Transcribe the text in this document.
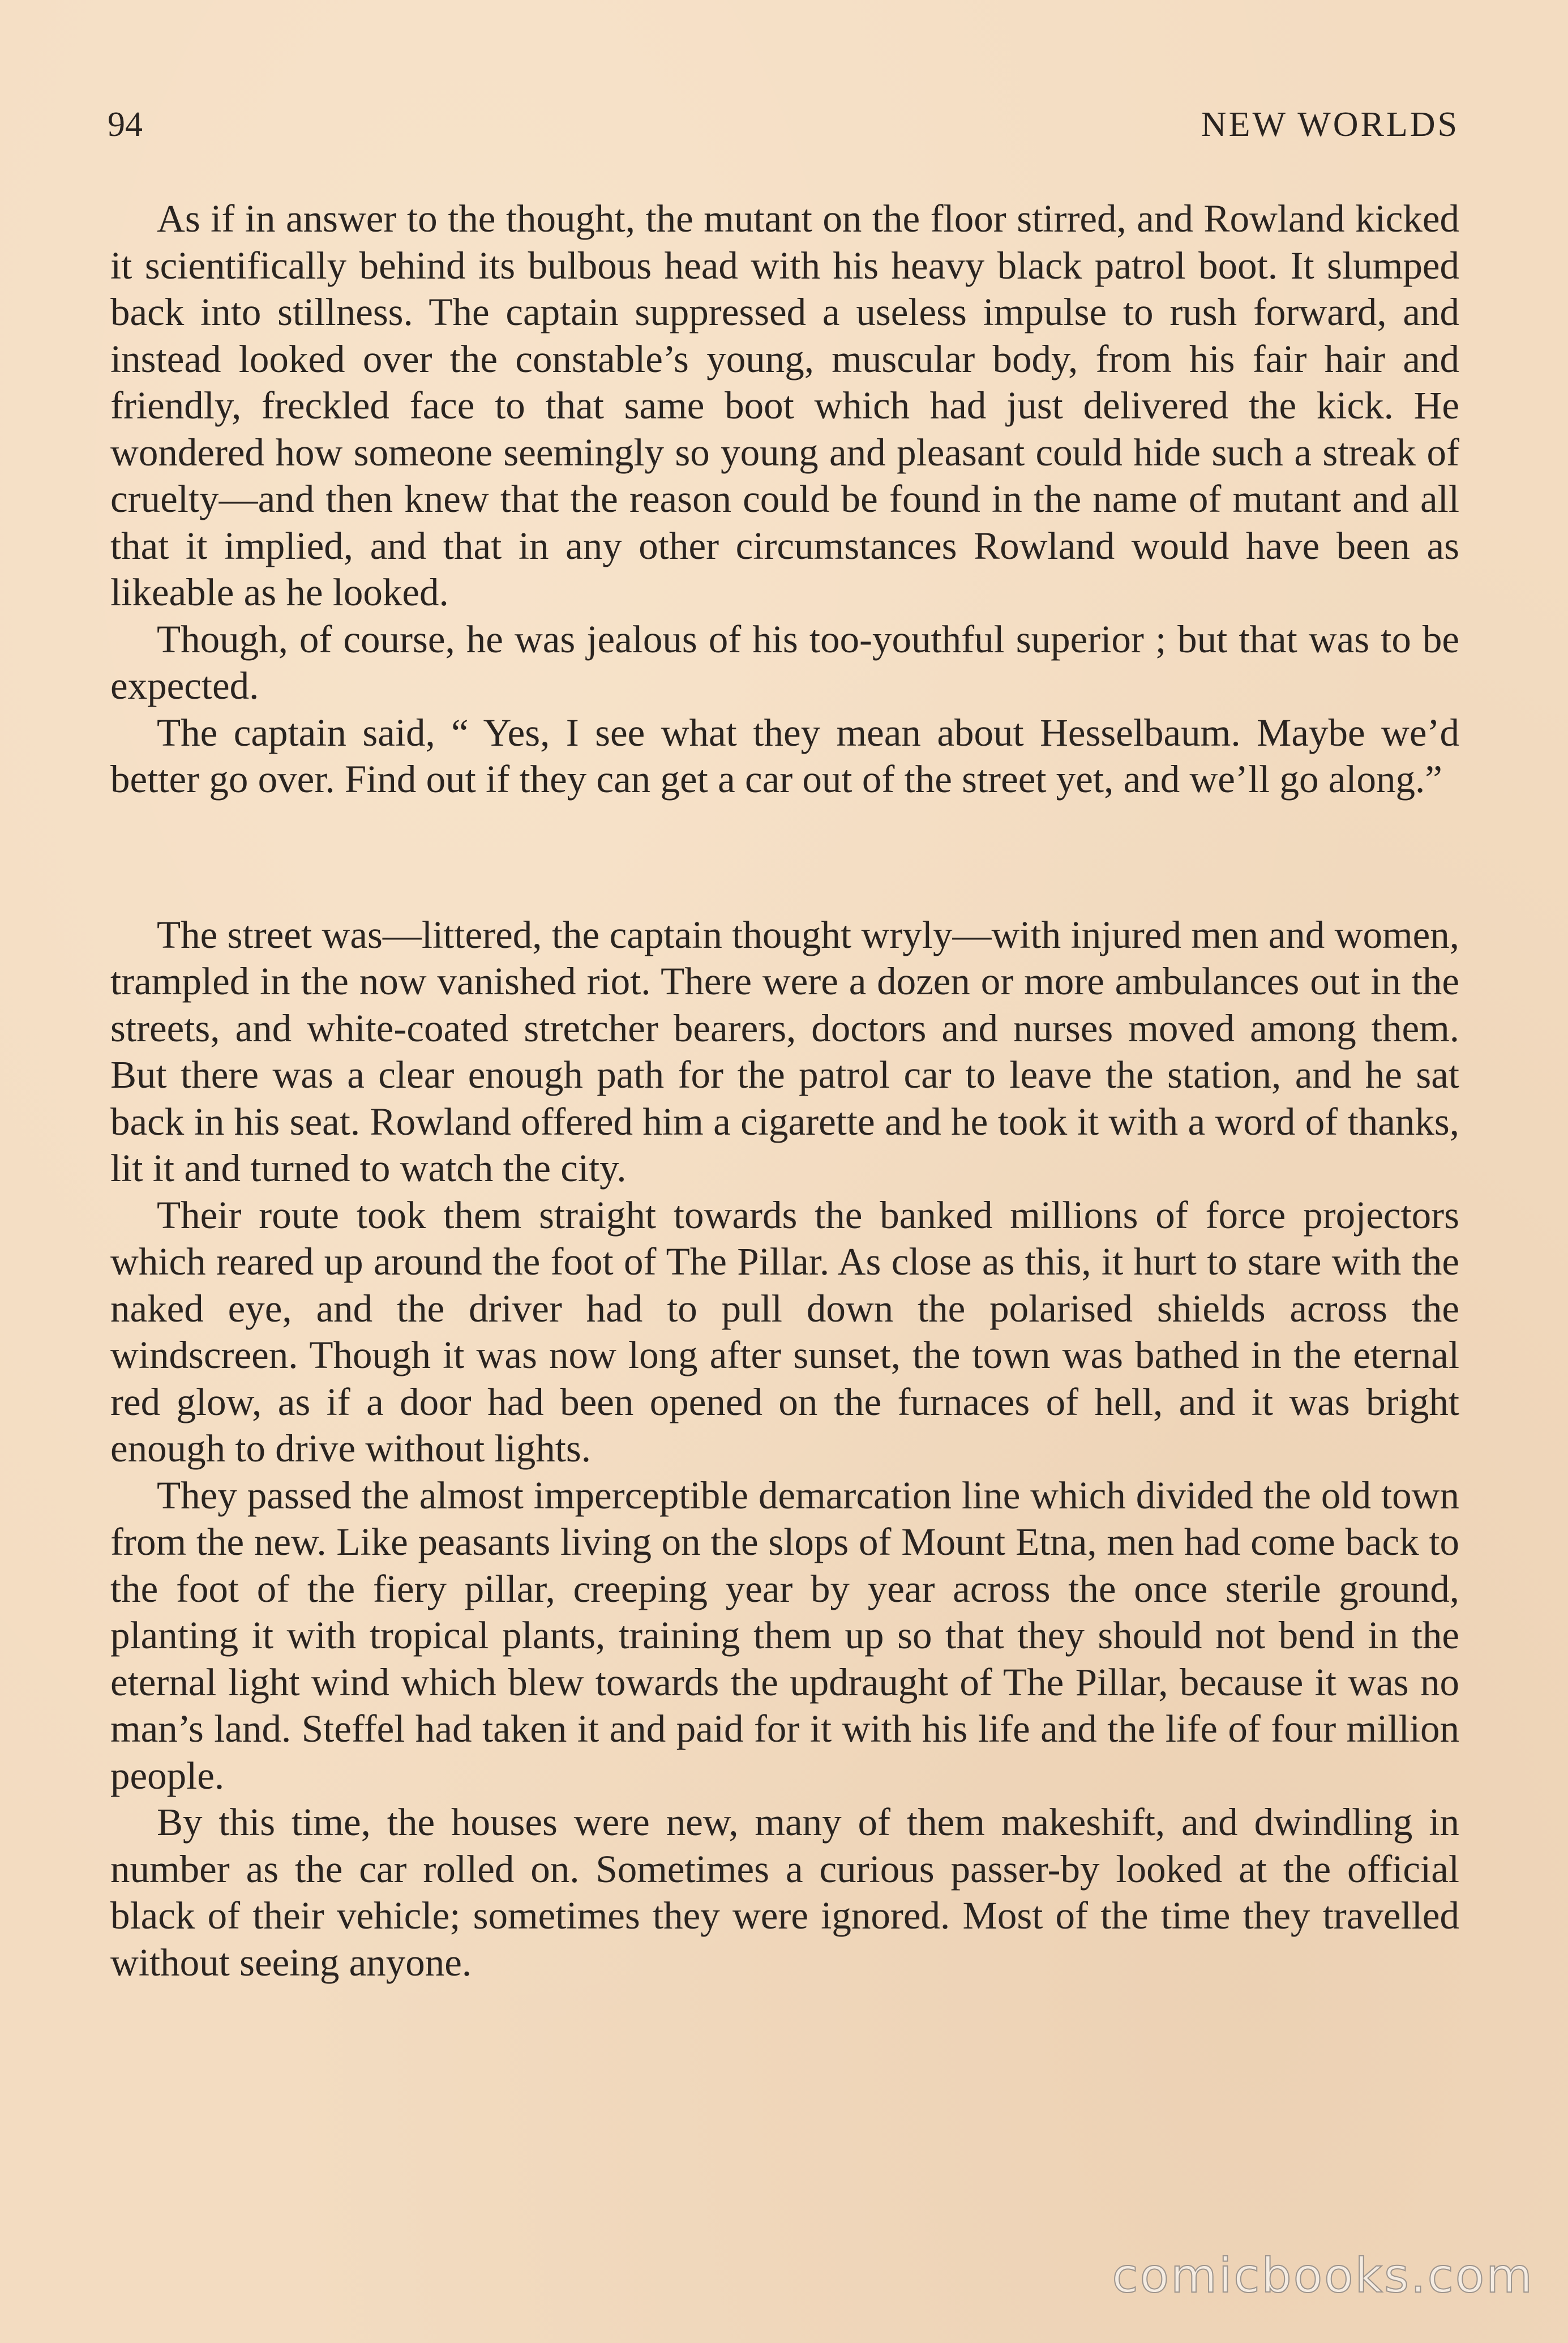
94	NEW WORLDS

As if in answer to the thought, the mutant on the floor stirred, and Rowland kicked it scientifically behind its bulbous head with his heavy black patrol boot. It slumped back into stillness. The captain suppressed a useless impulse to rush forward, and instead looked over the constable’s young, muscular body, from his fair hair and friendly, freckled face to that same boot which had just delivered the kick. He wondered how someone seemingly so young and pleasant could hide such a streak of cruelty—and then knew that the reason could be found in the name of mutant and all that it implied, and that in any other circumstances Rowland would have been as likeable as he looked.

Though, of course, he was jealous of his too-youthful superior ; but that was to be expected.

The captain said, “ Yes, I see what they mean about Hesselbaum. Maybe we’d better go over. Find out if they can get a car out of the street yet, and we’ll go along.”

The street was—littered, the captain thought wryly—with injured men and women, trampled in the now vanished riot. There were a dozen or more ambulances out in the streets, and white-coated stretcher bearers, doctors and nurses moved among them. But there was a clear enough path for the patrol car to leave the station, and he sat back in his seat. Rowland offered him a cigarette and he took it with a word of thanks, lit it and turned to watch the city.

Their route took them straight towards the banked millions of force projectors which reared up around the foot of The Pillar. As close as this, it hurt to stare with the naked eye, and the driver had to pull down the polarised shields across the windscreen. Though it was now long after sunset, the town was bathed in the eternal red glow, as if a door had been opened on the furnaces of hell, and it was bright enough to drive without lights.

They passed the almost imperceptible demarcation line which divided the old town from the new. Like peasants living on the slops of Mount Etna, men had come back to the foot of the fiery pillar, creeping year by year across the once sterile ground, planting it with tropical plants, training them up so that they should not bend in the eternal light wind which blew towards the updraught of The Pillar, because it was no man’s land. Steffel had taken it and paid for it with his life and the life of four million people.

By this time, the houses were new, many of them makeshift, and dwindling in number as the car rolled on. Sometimes a curious passer-by looked at the official black of their vehicle; sometimes they were ignored. Most of the time they travelled without seeing anyone.

comicbooks.com
